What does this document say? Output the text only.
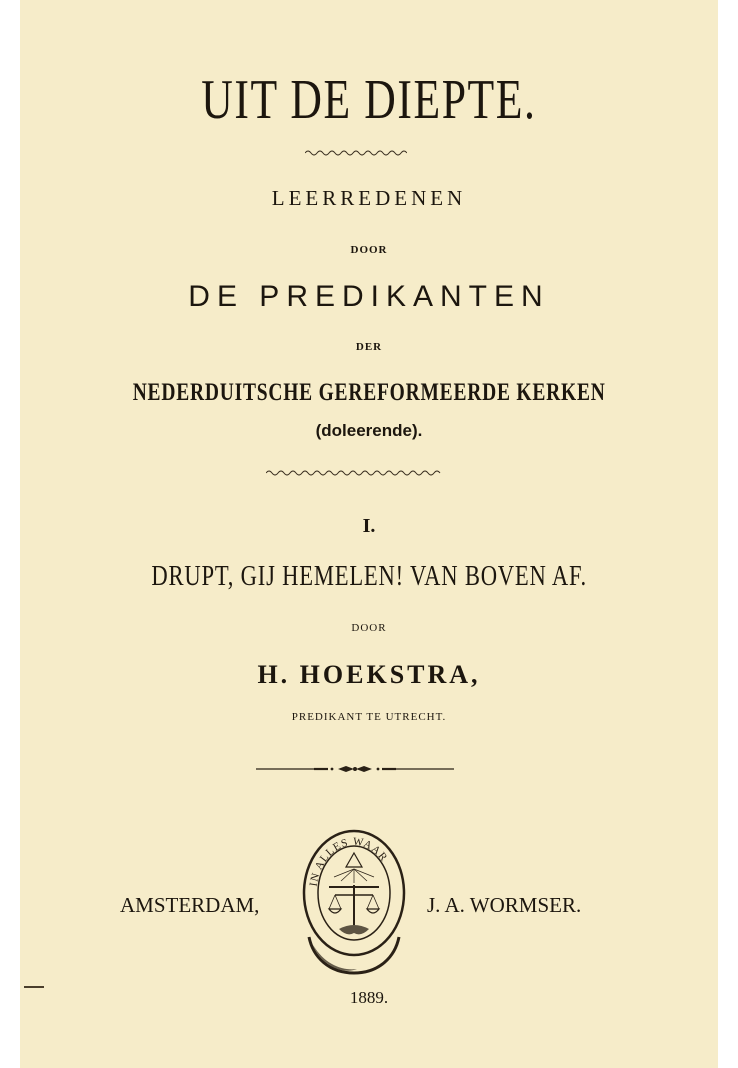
UIT DE DIEPTE.
LEERREDENEN
DOOR
DE PREDIKANTEN
DER
NEDERDUITSCHE GEREFORMEERDE KERKEN
(doleerende).
I.
DRUPT, GIJ HEMELEN! VAN BOVEN AF.
DOOR
H. HOEKSTRA,
PREDIKANT TE UTRECHT.
AMSTERDAM,
IN ALLES WAAR
J. A. WORMSER.
1889.
